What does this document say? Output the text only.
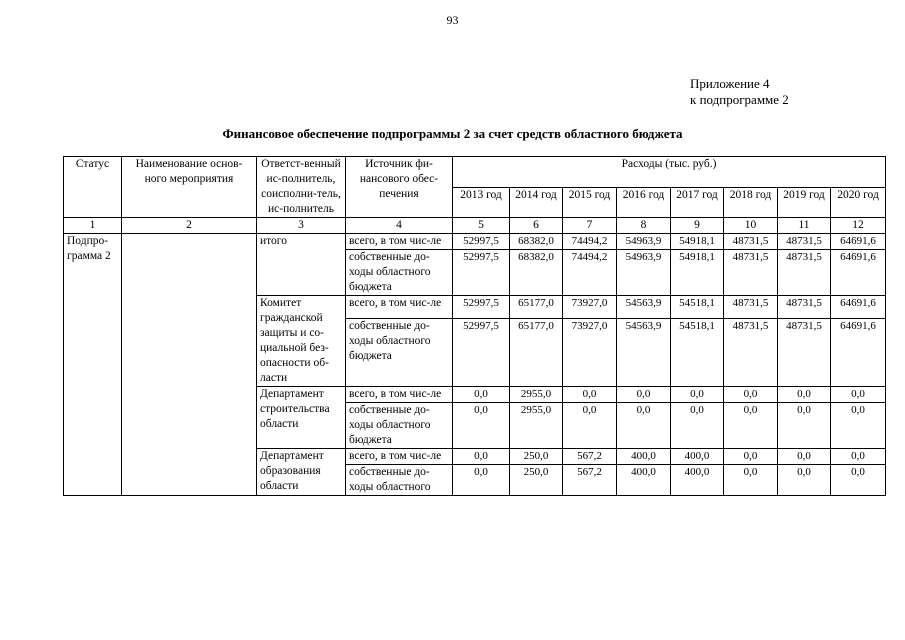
93
Приложение 4
к подпрограмме 2
Финансовое обеспечение подпрограммы 2 за счет средств областного бюджета
Статус	Наименование основ-ного мероприятия	Ответст-венный ис-полнитель, соисполни-тель, ис-полнитель	Источник фи-нансового обес-печения	Расходы (тыс. руб.)							
				2013 год	2014 год	2015 год	2016 год	2017 год	2018 год	2019 год	2020 год
1	2	3	4	5	6	7	8	9	10	11	12
Подпро-грамма 2		итого	всего, в том чис-ле	52997,5	68382,0	74494,2	54963,9	54918,1	48731,5	48731,5	64691,6
			собственные до-ходы областного бюджета	52997,5	68382,0	74494,2	54963,9	54918,1	48731,5	48731,5	64691,6
		Комитет гражданской защиты и со-циальной без-опасности об-ласти	всего, в том чис-ле	52997,5	65177,0	73927,0	54563,9	54518,1	48731,5	48731,5	64691,6
			собственные до-ходы областного бюджета	52997,5	65177,0	73927,0	54563,9	54518,1	48731,5	48731,5	64691,6
		Департамент строительства области	всего, в том чис-ле	0,0	2955,0	0,0	0,0	0,0	0,0	0,0	0,0
			собственные до-ходы областного бюджета	0,0	2955,0	0,0	0,0	0,0	0,0	0,0	0,0
		Департамент образования области	всего, в том чис-ле	0,0	250,0	567,2	400,0	400,0	0,0	0,0	0,0
			собственные до-ходы областного	0,0	250,0	567,2	400,0	400,0	0,0	0,0	0,0
